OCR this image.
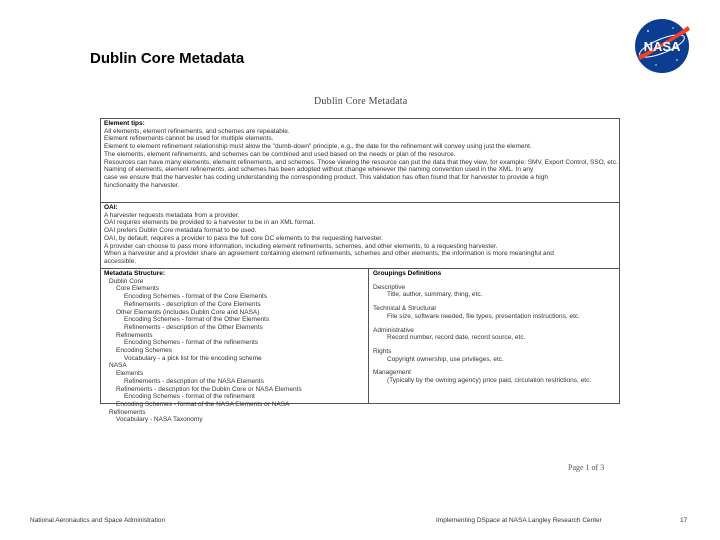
Dublin Core Metadata
NASA
Dublin Core Metadata
Element tips:
All elements, element refinements, and schemes are repeatable.
Element refinements cannot be used for multiple elements.
Element to element refinement relationship must allow the "dumb-down" principle, e.g., the date for the refinement will convey using just the element.
The elements, element refinements, and schemes can be combined and used based on the needs or plan of the resource.
Resources can have many elements, element refinements, and schemes. Those viewing the resource can put the data that they view, for example: SMV, Export Control, SSO, etc.
Naming of elements, element refinements, and schemes has been adopted without change whenever the naming convention used in the XML. In any
case we ensure that the harvester has coding understanding the corresponding product. This validation has often found that for harvester to provide a high
functionality the harvester.
OAI:
A harvester requests metadata from a provider.
OAI requires elements be provided to a harvester to be in an XML format.
OAI prefers Dublin Core metadata format to be used.
OAI, by default, requires a provider to pass the full core DC elements to the requesting harvester.
A provider can choose to pass more information, including element refinements, schemes, and other elements, to a requesting harvester.
When a harvester and a provider share an agreement containing element refinements, schemes and other elements, the information is more meaningful and
accessible.
Metadata Structure:
Dublin Core
Core Elements
Encoding Schemes - format of the Core Elements
Refinements - description of the Core Elements
Other Elements (includes Dublin Core and NASA)
Encoding Schemes - format of the Other Elements
Refinements - description of the Other Elements
Refinements
Encoding Schemes - format of the refinements
Encoding Schemes
Vocabulary - a pick list for the encoding scheme
NASA
Elements
Refinements - description of the NASA Elements
Refinements - description for the Dublin Core or NASA Elements
Encoding Schemes - format of the refinement
Encoding Schemes - format of the NASA Elements or NASA
Refinements
Vocabulary - NASA Taxonomy
Groupings Definitions
Descriptive
Title, author, summary, thing, etc.
Technical & Structural
File size, software needed, file types, presentation instructions, etc.
Administrative
Record number, record date, record source, etc.
Rights
Copyright ownership, use privileges, etc.
Management
(Typically by the owning agency) price paid, circulation restrictions, etc.
Page 1 of 3
National Aeronautics and Space Administration	Implementing DSpace at NASA Langley Research Center	17
